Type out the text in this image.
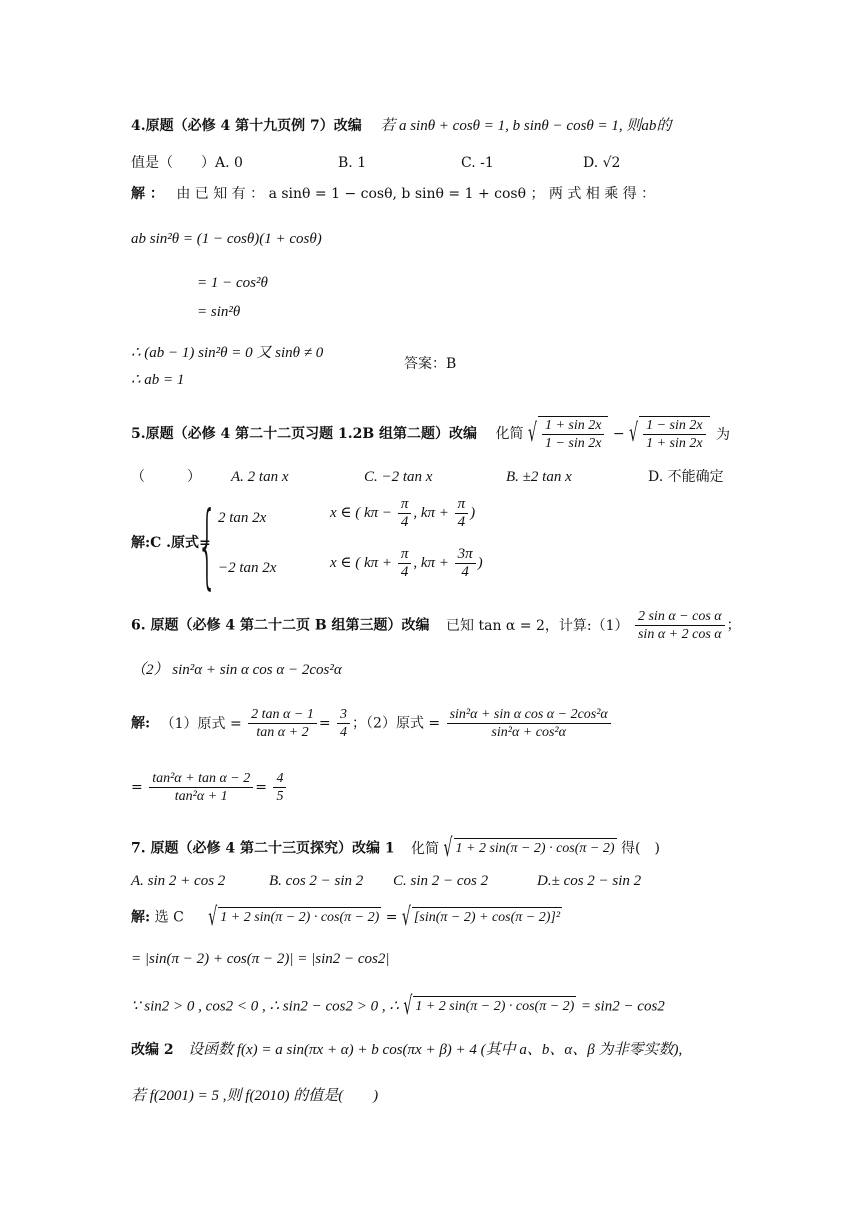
4.原题（必修 4 第十九页例 7）改编 若 a sinθ + cosθ = 1, b sinθ − cosθ = 1, 则ab的
值是（　　）A. 0	B. 1	C. -1	D. √2
解 ： 由 已 知 有 ： a sinθ = 1 − cosθ, b sinθ = 1 + cosθ ； 两 式 相 乘 得 ：
ab sin²θ = (1 − cosθ)(1 + cosθ)
= 1 − cos²θ
= sin²θ
∴ (ab − 1) sin²θ = 0 又 sinθ ≠ 0
答案：B
∴ ab = 1
5.原题（必修 4 第二十二页习题 1.2B 组第二题）改编 化简 √ $\frac{1 + \sin 2x}{1 - \sin 2x}$ − √ $\frac{1 - \sin 2x}{1 + \sin 2x}$ 为
（　　　） A. 2 tan x	C. −2 tan x	B. ±2 tan x	D. 不能确定
解:C .原式=
{ 2 tan 2x	x ∈ ( $k\pi - \frac{\pi}{4}$ , $k\pi + \frac{\pi}{4}$ )
−2 tan 2x	x ∈ ( $k\pi + \frac{\pi}{4}$ , $k\pi + \frac{3\pi}{4}$ )
6. 原题（必修 4 第二十二页 B 组第三题）改编 已知 tan α = 2，计算:（1） $\frac{\text{2 sin α − cos α}}{\text{sin α + 2 cos α}}$ ；
（2） sin²α + sin α cos α − 2cos²α
解: （1）原式 = $\frac{\text{2 tan α − 1}}{\text{tan α + 2}} = \frac{3}{4}$ ；（2）原式 = $\frac{\text{sin²α + sin α cos α − 2cos²α}}{\text{sin²α + cos²α}}$
= $\frac{\text{tan²α + tan α − 2}}{\text{tan²α + 1}} = \frac{4}{5}$
7. 原题（必修 4 第二十三页探究）改编 1 化简 √ 1 + 2 sin(π − 2) · cos(π − 2) 得(　)
A. sin 2 + cos 2	B. cos 2 − sin 2 C. sin 2 − cos 2	D.± cos 2 − sin 2
解: 选 C	√ 1 + 2 sin(π − 2) · cos(π − 2) = √ [sin(π − 2) + cos(π − 2)]²
= |sin(π − 2) + cos(π − 2)| = |sin2 − cos2|
∵ sin2 > 0 , cos2 < 0 , ∴ sin2 − cos2 > 0 , ∴ √ 1 + 2 sin(π − 2) · cos(π − 2) = sin2 − cos2
改编 2 设函数 f(x) = a sin(πx + α) + b cos(πx + β) + 4 (其中 a、b、α、β 为非零实数),
若 f(2001) = 5 ,则 f(2010) 的值是(　　)
